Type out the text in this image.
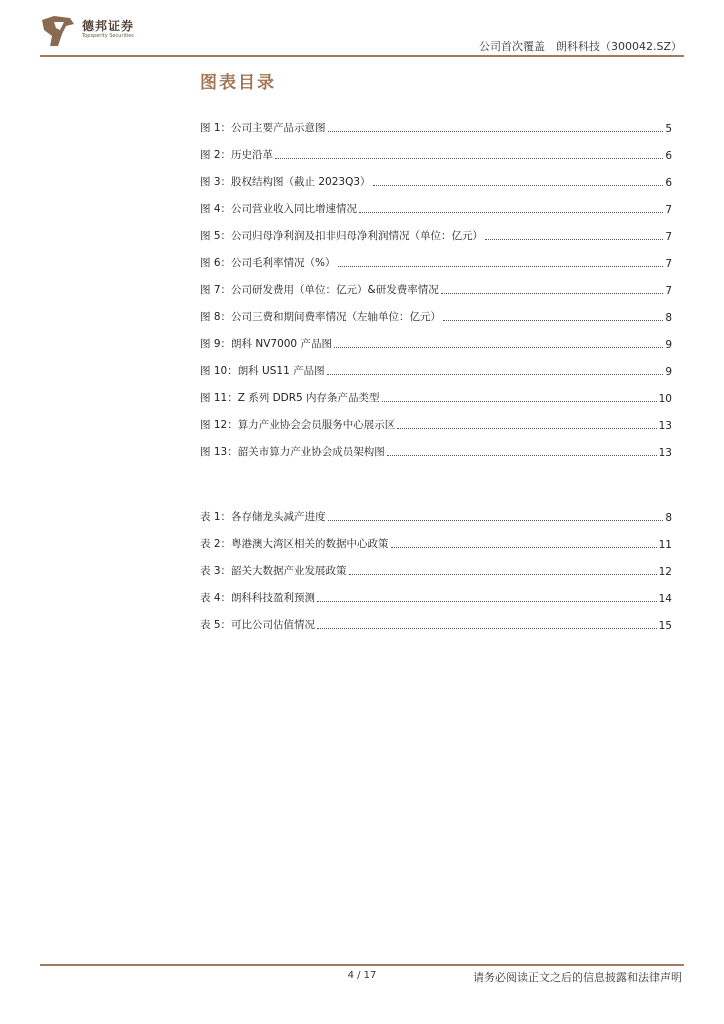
德邦证券
Topsperity Securities
公司首次覆盖　朗科科技（300042.SZ）
图表目录
图 1：公司主要产品示意图	5
图 2：历史沿革	6
图 3：股权结构图（截止 2023Q3）	6
图 4：公司营业收入同比增速情况	7
图 5：公司归母净利润及扣非归母净利润情况（单位：亿元）	7
图 6：公司毛利率情况（%）	7
图 7：公司研发费用（单位：亿元）&研发费率情况	7
图 8：公司三费和期间费率情况（左轴单位：亿元）	8
图 9：朗科 NV7000 产品图	9
图 10：朗科 US11 产品图	9
图 11：Z 系列 DDR5 内存条产品类型	10
图 12：算力产业协会会员服务中心展示区	13
图 13：韶关市算力产业协会成员架构图	13
表 1：各存储龙头减产进度	8
表 2：粤港澳大湾区相关的数据中心政策	11
表 3：韶关大数据产业发展政策	12
表 4：朗科科技盈利预测	14
表 5：可比公司估值情况	15
4 / 17	请务必阅读正文之后的信息披露和法律声明
